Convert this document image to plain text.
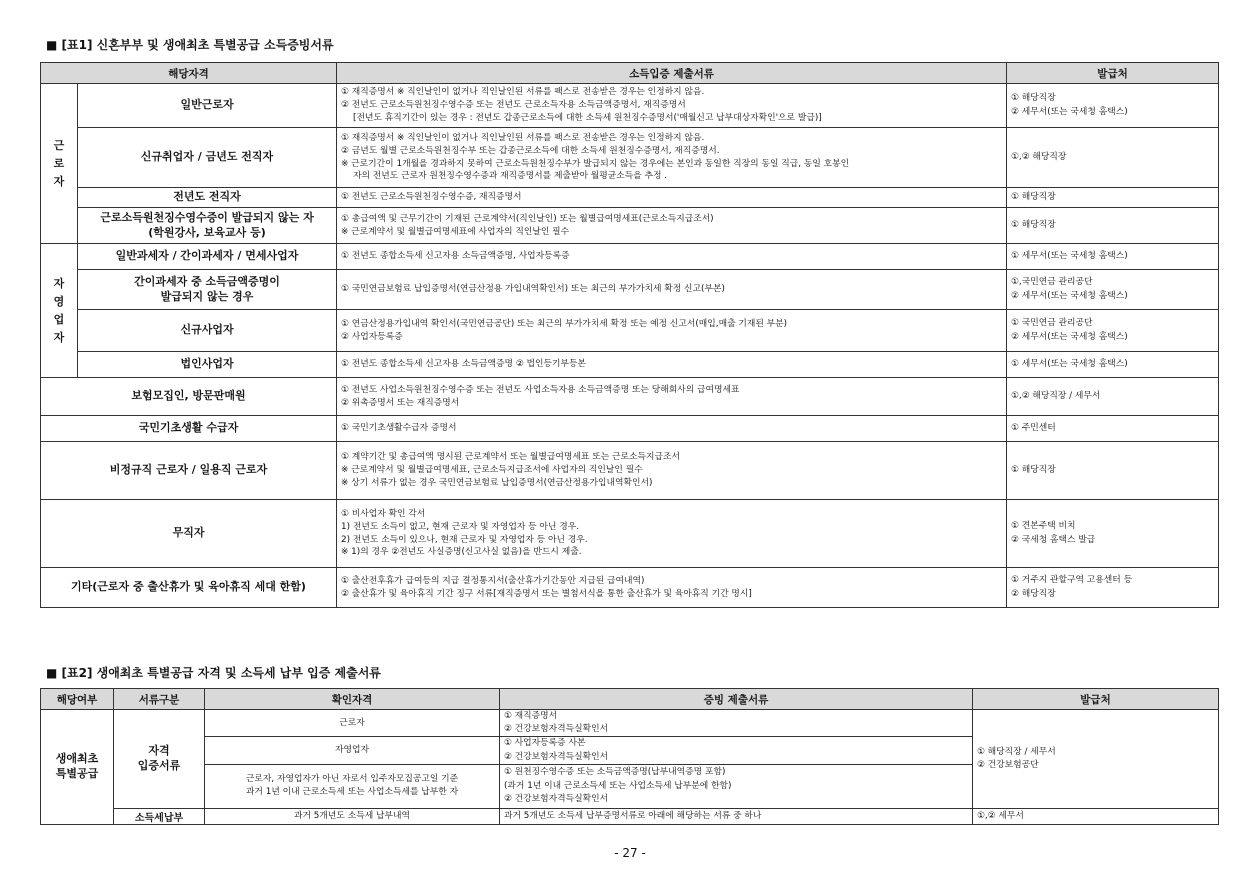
■ [표1] 신혼부부 및 생애최초 특별공급 소득증빙서류
해당자격		소득입증 제출서류	발급처

근
로
자	일반근로자	① 재직증명서 ※ 직인날인이 없거나 직인날인된 서류를 팩스로 전송받은 경우는 인정하지 않음.
② 전년도 근로소득원천징수영수증 또는 전년도 근로소득자용 소득금액증명서, 재직증명서
[전년도 휴직기간이 있는 경우 : 전년도 갑종근로소득에 대한 소득세 원천징수증명서('매월신고 납부대상자확인'으로 발급)]	① 해당직장
② 세무서(또는 국세청 홈택스)

	신규취업자 / 금년도 전직자	① 재직증명서 ※ 직인날인이 없거나 직인날인된 서류를 팩스로 전송받은 경우는 인정하지 않음.
② 금년도 월별 근로소득원천징수부 또는 갑종근로소득에 대한 소득세 원천징수증명서, 재직증명서.
※ 근로기간이 1개월을 경과하지 못하여 근로소득원천징수부가 발급되지 않는 경우에는 본인과 동일한 직장의 동일 직급, 동일 호봉인
자의 전년도 근로자 원천징수영수증과 재직증명서를 제출받아 월평균소득을 추정 .	①,② 해당직장

	전년도 전직자	① 전년도 근로소득원천징수영수증, 재직증명서	① 해당직장

	근로소득원천징수영수증이 발급되지 않는 자
(학원강사, 보육교사 등)	① 총급여액 및 근무기간이 기재된 근로계약서(직인날인) 또는 월별급여명세표(근로소득지급조서)
※ 근로계약서 및 월별급여명세표에 사업자의 직인날인 필수	① 해당직장

자
영
업
자	일반과세자 / 간이과세자 / 면세사업자	① 전년도 종합소득세 신고자용 소득금액증명, 사업자등록증	① 세무서(또는 국세청 홈택스)

	간이과세자 중 소득금액증명이
발급되지 않는 경우	① 국민연금보험료 납입증명서(연금산정용 가입내역확인서) 또는 최근의 부가가치세 확정 신고(부본)	①,국민연금 관리공단
② 세무서(또는 국세청 홈택스)

	신규사업자	① 연금산정용가입내역 확인서(국민연금공단) 또는 최근의 부가가치세 확정 또는 예정 신고서(매입,매출 기재된 부분)
② 사업자등록증	① 국민연금 관리공단
② 세무서(또는 국세청 홈택스)

	법인사업자	① 전년도 종합소득세 신고자용 소득금액증명 ② 법인등기부등본	① 세무서(또는 국세청 홈택스)

보험모집인, 방문판매원		① 전년도 사업소득원천징수영수증 또는 전년도 사업소득자용 소득금액증명 또는 당해회사의 급여명세표
② 위촉증명서 또는 재직증명서	①,② 해당직장 / 세무서

국민기초생활 수급자		① 국민기초생활수급자 증명서	① 주민센터

비정규직 근로자 / 일용직 근로자		① 계약기간 및 총급여액 명시된 근로계약서 또는 월별급여명세표 또는 근로소득지급조서
※ 근로계약서 및 월별급여명세표, 근로소득지급조서에 사업자의 직인날인 필수
※ 상기 서류가 없는 경우 국민연금보험료 납입증명서(연금산정용가입내역확인서)	① 해당직장

무직자		① 비사업자 확인 각서
1) 전년도 소득이 없고, 현재 근로자 및 자영업자 등 아닌 경우.
2) 전년도 소득이 있으나, 현재 근로자 및 자영업자 등 아닌 경우.
※ 1)의 경우 ②전년도 사실증명(신고사실 없음)을 반드시 제출.	① 견본주택 비치
② 국세청 홈택스 발급

기타(근로자 중 출산휴가 및 육아휴직 세대 한함)		① 출산전후휴가 급여등의 지급 결정통지서(출산휴가기간동안 지급된 급여내역)
② 출산휴가 및 육아휴직 기간 징구 서류[재직증명서 또는 별첨서식을 통한 출산휴가 및 육아휴직 기간 명시]	① 거주지 관할구역 고용센터 등
② 해당직장
■ [표2] 생애최초 특별공급 자격 및 소득세 납부 입증 제출서류
해당여부	서류구분	확인자격	증빙 제출서류	발급처

생애최초
특별공급	자격
입증서류	근로자	① 재직증명서
② 건강보험자격득실확인서	① 해당직장 / 세무서
② 건강보험공단

		자영업자	① 사업자등록증 사본
② 건강보험자격득실확인서	

		근로자, 자영업자가 아닌 자로서 입주자모집공고일 기준
과거 1년 이내 근로소득세 또는 사업소득세를 납부한 자	① 원천징수영수증 또는 소득금액증명(납부내역증명 포함)
(과거 1년 이내 근로소득세 또는 사업소득세 납부분에 한함)
② 건강보험자격득실확인서	

	소득세납부	과거 5개년도 소득세 납부내역	과거 5개년도 소득세 납부증명서류로 아래에 해당하는 서류 중 하나	①,② 세무서
- 27 -
